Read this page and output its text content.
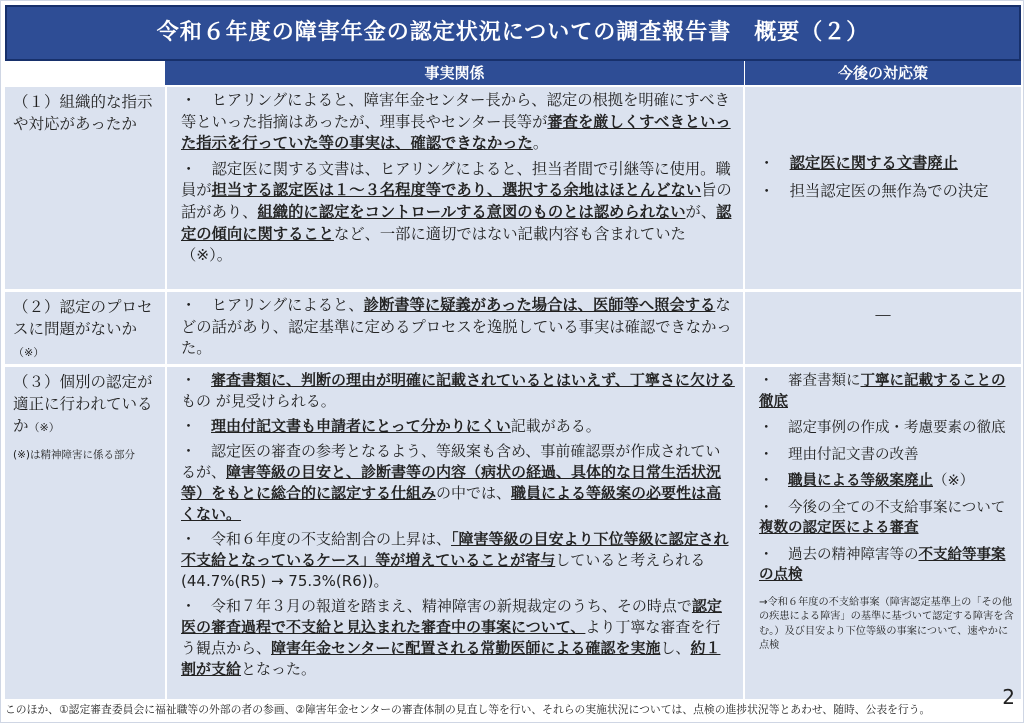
令和６年度の障害年金の認定状況についての調査報告書　概要（２）
事実関係	今後の対応策
（１）組織的な指示や対応があったか

・　ヒアリングによると、障害年金センター長から、認定の根拠を明確にすべき等といった指摘はあったが、理事長やセンター長等が審査を厳しくすべきといった指示を行っていた等の事実は、確認できなかった。

・　認定医に関する文書は、ヒアリングによると、担当者間で引継等に使用。職員が担当する認定医は１～３名程度等であり、選択する余地はほとんどない旨の話があり、組織的に認定をコントロールする意図のものとは認められないが、認定の傾向に関することなど、一部に適切ではない記載内容も含まれていた（※）。

・　認定医に関する文書廃止

・　担当認定医の無作為での決定

（２）認定のプロセスに問題がないか（※）

・　ヒアリングによると、診断書等に疑義があった場合は、医師等へ照会するなどの話があり、認定基準に定めるプロセスを逸脱している事実は確認できなかった。

－
（３）個別の認定が適正に行われているか（※）
(※)は精神障害に係る部分

・　審査書類に、判断の理由が明確に記載されているとはいえず、丁寧さに欠けるもの が見受けられる。

・　理由付記文書も申請者にとって分かりにくい記載がある。

・　認定医の審査の参考となるよう、等級案も含め、事前確認票が作成されているが、障害等級の目安と、診断書等の内容（病状の経過、具体的な日常生活状況等）をもとに総合的に認定する仕組みの中では、職員による等級案の必要性は高くない。

・　令和６年度の不支給割合の上昇は、「障害等級の目安より下位等級に認定され不支給となっているケース」等が増えていることが寄与していると考えられる(44.7%(R5) → 75.3%(R6))。

・　令和７年３月の報道を踏まえ、精神障害の新規裁定のうち、その時点で認定医の審査過程で不支給と見込まれた審査中の事案について、より丁寧な審査を行う観点から、障害年金センターに配置される常勤医師による確認を実施し、約１割が支給となった。

・　審査書類に丁寧に記載することの徹底

・　認定事例の作成・考慮要素の徹底

・　理由付記文書の改善

・　職員による等級案廃止（※）

・　今後の全ての不支給事案について複数の認定医による審査

・　過去の精神障害等の不支給等事案の点検

→令和６年度の不支給事案（障害認定基準上の「その他の疾患による障害」の基準に基づいて認定する障害を含む。）及び目安より下位等級の事案について、速やかに点検
このほか、①認定審査委員会に福祉職等の外部の者の参画、②障害年金センターの審査体制の見直し等を行い、それらの実施状況については、点検の進捗状況等とあわせ、随時、公表を行う。
2
